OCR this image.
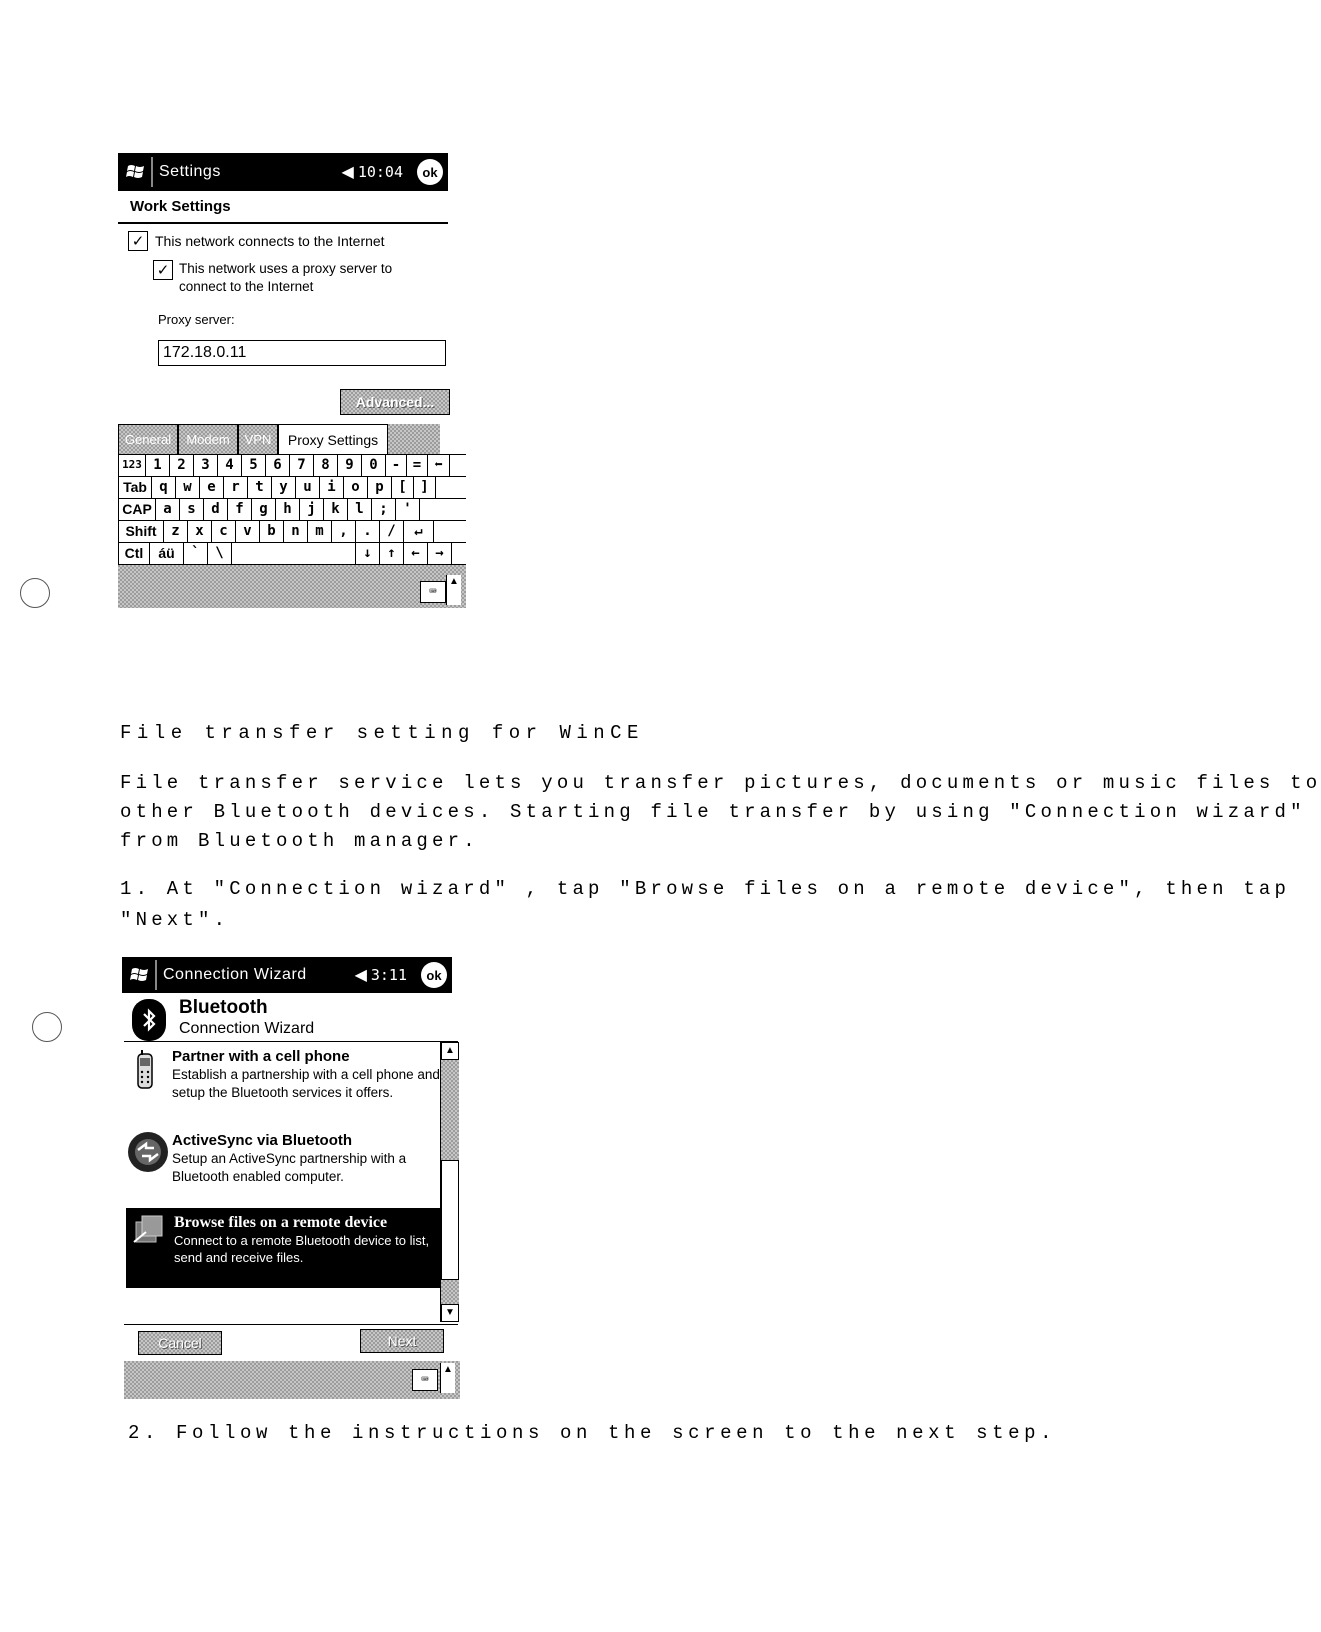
Settings	◀ 10:04	ok
Work Settings
✓ This network connects to the Internet
✓ This network uses a proxy server to
connect to the Internet
Proxy server:
172.18.0.11
Advanced...
General	Modem	VPN	Proxy Settings
123 1	2	3	4	5	6	7	8	9	0	- = ⬅
Tab q	w	e	r	t	y	u	i	o	p	[ ]
CAP a	s	d	f	g	h	j	k	l	;	'
Shift	z	x	c	v	b	n	m	,	.	/	↵
Ctl	áü	`	\	↓	↑	←	→
⌨
▲
File transfer setting for WinCE
File transfer service lets you transfer pictures, documents or music files to
other Bluetooth devices. Starting file transfer by using "Connection wizard"
from Bluetooth manager.
1. At "Connection wizard" , tap "Browse files on a remote device", then tap
"Next".
Connection Wizard	◀ 3:11	ok
Bluetooth
Connection Wizard
Partner with a cell phone
Establish a partnership with a cell phone and setup the Bluetooth services it offers.
ActiveSync via Bluetooth
Setup an ActiveSync partnership with a Bluetooth enabled computer.
Browse files on a remote device
Connect to a remote Bluetooth device to list, send and receive files.
▲
▼
Cancel	Next
⌨
▲
2. Follow the instructions on the screen to the next step.
